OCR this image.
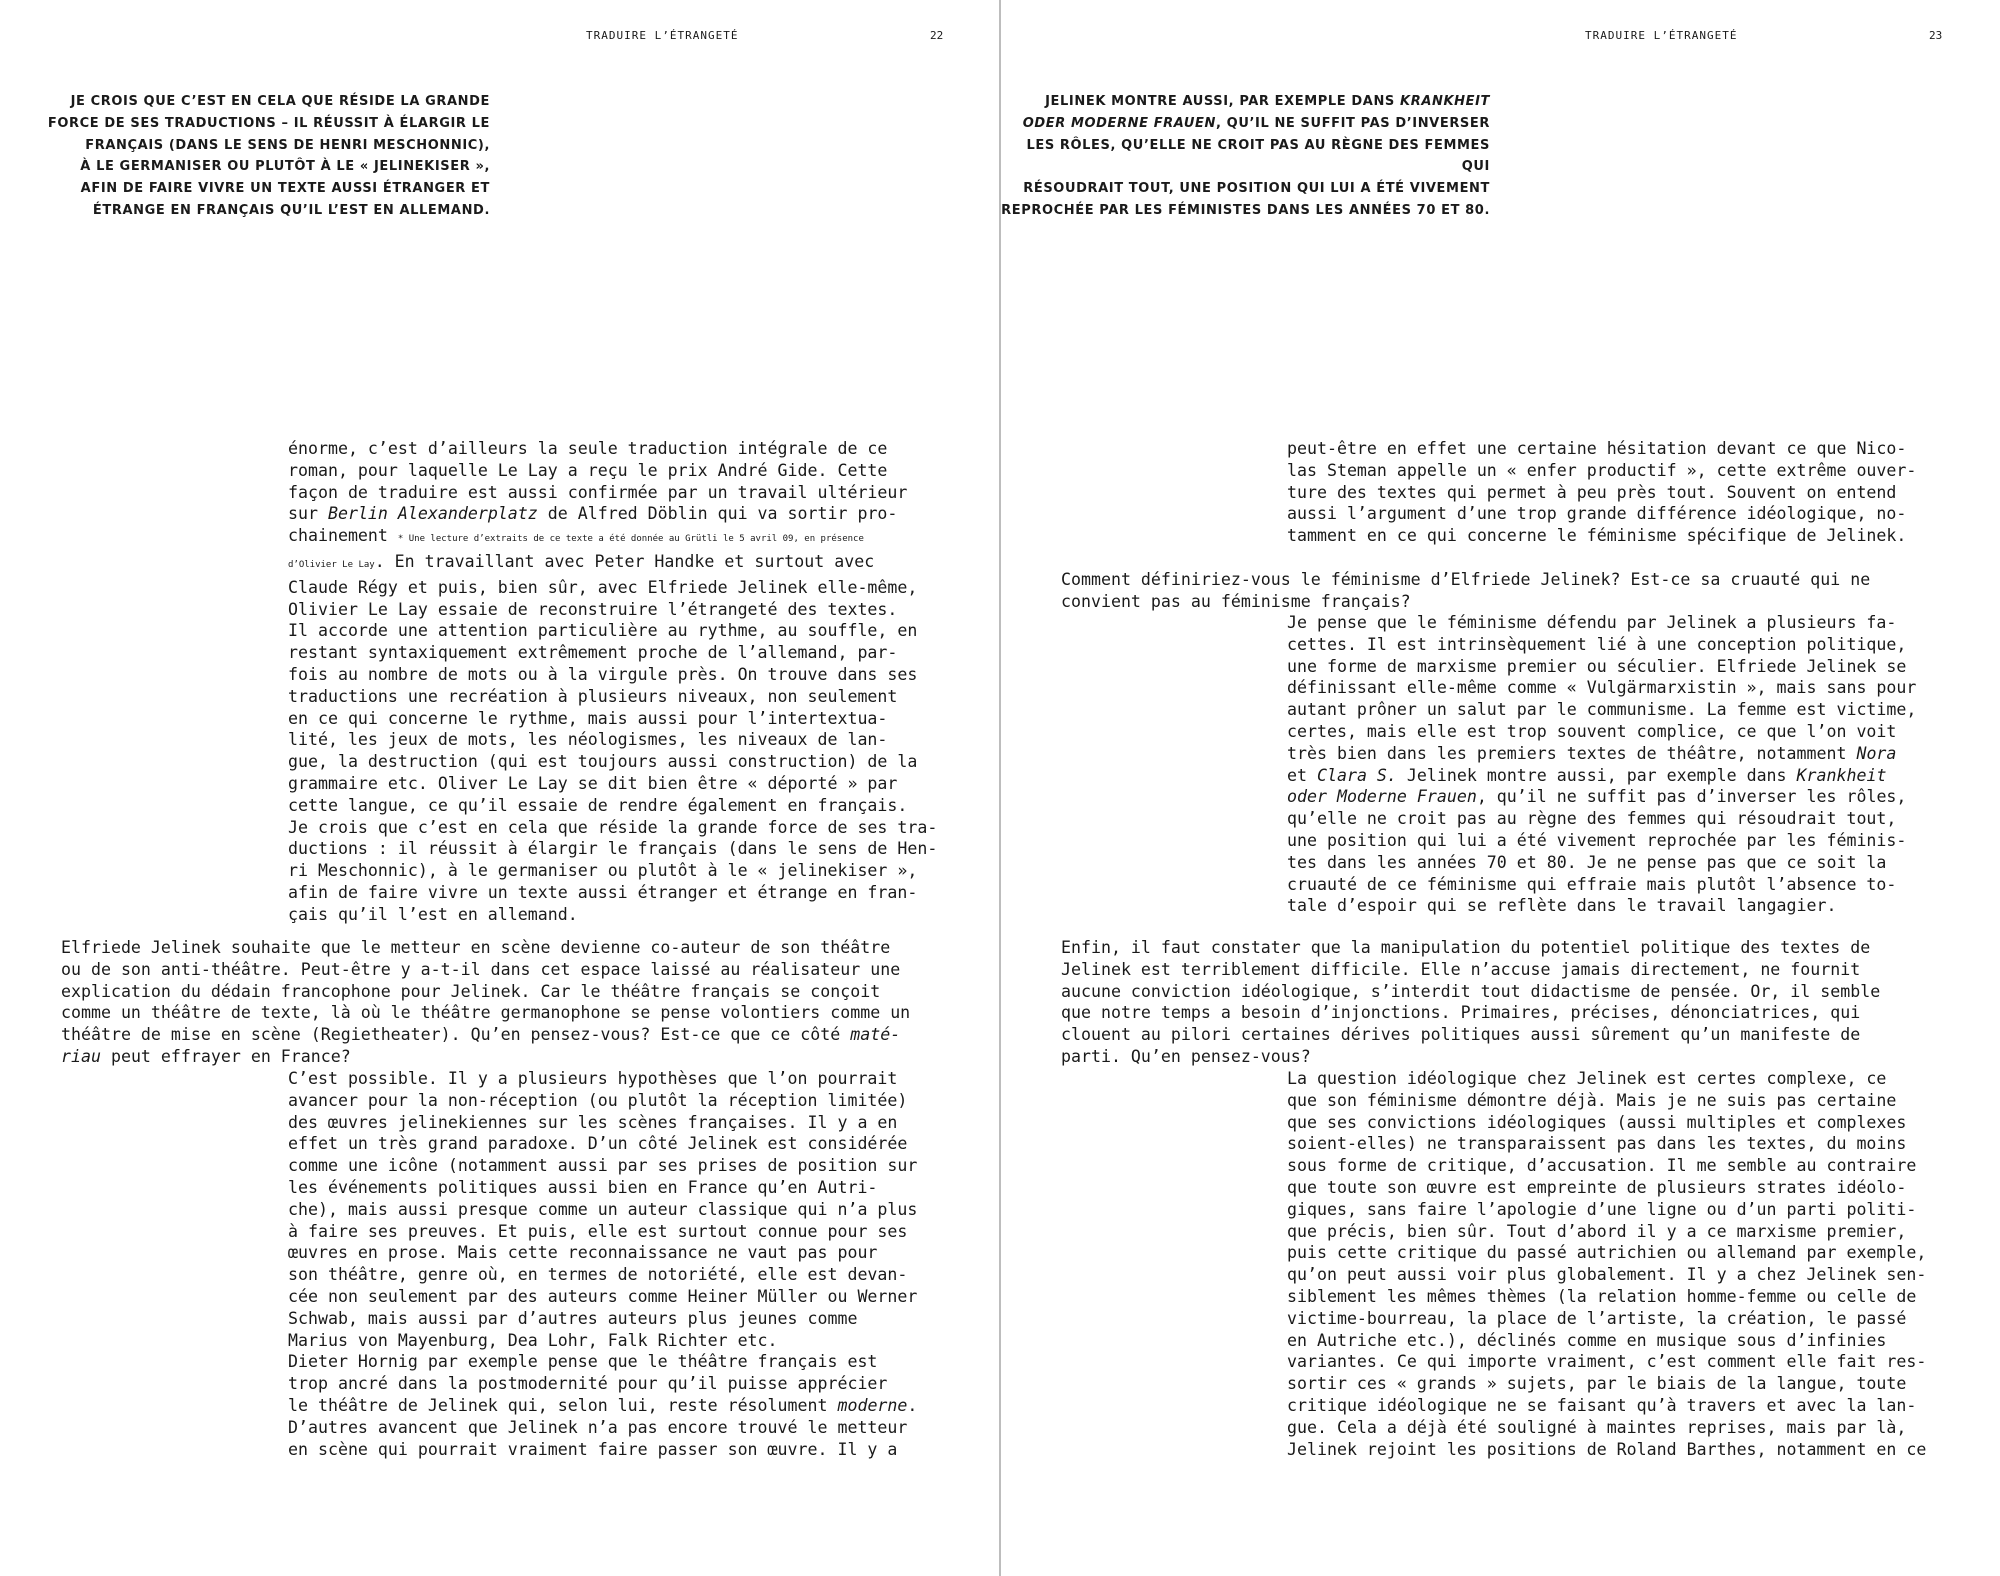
TRADUIRE L’ÉTRANGETÉ	22
JE CROIS QUE C’EST EN CELA QUE RÉSIDE LA GRANDE
FORCE DE SES TRADUCTIONS – IL RÉUSSIT À ÉLARGIR LE
FRANÇAIS (DANS LE SENS DE HENRI MESCHONNIC),
À LE GERMANISER OU PLUTÔT À LE « JELINEKISER »,
AFIN DE FAIRE VIVRE UN TEXTE AUSSI ÉTRANGER ET
ÉTRANGE EN FRANÇAIS QU’IL L’EST EN ALLEMAND.

énorme, c’est d’ailleurs la seule traduction intégrale de ce

roman, pour laquelle Le Lay a reçu le prix André Gide. Cette

façon de traduire est aussi confirmée par un travail ultérieur

sur Berlin Alexanderplatz de Alfred Döblin qui va sortir pro-

chainement * Une lecture d’extraits de ce texte a été donnée au Grütli le 5 avril 09, en présence

d’Olivier Le Lay. En travaillant avec Peter Handke et surtout avec

Claude Régy et puis, bien sûr, avec Elfriede Jelinek elle-même,

Olivier Le Lay essaie de reconstruire l’étrangeté des textes.

Il accorde une attention particulière au rythme, au souffle, en

restant syntaxiquement extrêmement proche de l’allemand, par-

fois au nombre de mots ou à la virgule près. On trouve dans ses

traductions une recréation à plusieurs niveaux, non seulement

en ce qui concerne le rythme, mais aussi pour l’intertextua-

lité, les jeux de mots, les néologismes, les niveaux de lan-

gue, la destruction (qui est toujours aussi construction) de la

grammaire etc. Oliver Le Lay se dit bien être « déporté » par

cette langue, ce qu’il essaie de rendre également en français.

Je crois que c’est en cela que réside la grande force de ses tra-

ductions : il réussit à élargir le français (dans le sens de Hen-

ri Meschonnic), à le germaniser ou plutôt à le « jelinekiser »,

afin de faire vivre un texte aussi étranger et étrange en fran-

çais qu’il l’est en allemand.

Elfriede Jelinek souhaite que le metteur en scène devienne co-auteur de son théâtre

ou de son anti-théâtre. Peut-être y a-t-il dans cet espace laissé au réalisateur une

explication du dédain francophone pour Jelinek. Car le théâtre français se conçoit

comme un théâtre de texte, là où le théâtre germanophone se pense volontiers comme un

théâtre de mise en scène (Regietheater). Qu’en pensez-vous? Est-ce que ce côté maté-

riau peut effrayer en France?

C’est possible. Il y a plusieurs hypothèses que l’on pourrait

avancer pour la non-réception (ou plutôt la réception limitée)

des œuvres jelinekiennes sur les scènes françaises. Il y a en

effet un très grand paradoxe. D’un côté Jelinek est considérée

comme une icône (notamment aussi par ses prises de position sur

les événements politiques aussi bien en France qu’en Autri-

che), mais aussi presque comme un auteur classique qui n’a plus

à faire ses preuves. Et puis, elle est surtout connue pour ses

œuvres en prose. Mais cette reconnaissance ne vaut pas pour

son théâtre, genre où, en termes de notoriété, elle est devan-

cée non seulement par des auteurs comme Heiner Müller ou Werner

Schwab, mais aussi par d’autres auteurs plus jeunes comme

Marius von Mayenburg, Dea Lohr, Falk Richter etc.

Dieter Hornig par exemple pense que le théâtre français est

trop ancré dans la postmodernité pour qu’il puisse apprécier

le théâtre de Jelinek qui, selon lui, reste résolument moderne.

D’autres avancent que Jelinek n’a pas encore trouvé le metteur

en scène qui pourrait vraiment faire passer son œuvre. Il y a

TRADUIRE L’ÉTRANGETÉ	23
JELINEK MONTRE AUSSI, PAR EXEMPLE DANS KRANKHEIT
ODER MODERNE FRAUEN, QU’IL NE SUFFIT PAS D’INVERSER
LES RÔLES, QU’ELLE NE CROIT PAS AU RÈGNE DES FEMMES QUI
RÉSOUDRAIT TOUT, UNE POSITION QUI LUI A ÉTÉ VIVEMENT
REPROCHÉE PAR LES FÉMINISTES DANS LES ANNÉES 70 ET 80.

peut-être en effet une certaine hésitation devant ce que Nico-

las Steman appelle un « enfer productif », cette extrême ouver-

ture des textes qui permet à peu près tout. Souvent on entend

aussi l’argument d’une trop grande différence idéologique, no-

tamment en ce qui concerne le féminisme spécifique de Jelinek.

Comment définiriez-vous le féminisme d’Elfriede Jelinek? Est-ce sa cruauté qui ne

convient pas au féminisme français?

Je pense que le féminisme défendu par Jelinek a plusieurs fa-

cettes. Il est intrinsèquement lié à une conception politique,

une forme de marxisme premier ou séculier. Elfriede Jelinek se

définissant elle-même comme « Vulgärmarxistin », mais sans pour

autant prôner un salut par le communisme. La femme est victime,

certes, mais elle est trop souvent complice, ce que l’on voit

très bien dans les premiers textes de théâtre, notamment Nora

et Clara S. Jelinek montre aussi, par exemple dans Krankheit

oder Moderne Frauen, qu’il ne suffit pas d’inverser les rôles,

qu’elle ne croit pas au règne des femmes qui résoudrait tout,

une position qui lui a été vivement reprochée par les féminis-

tes dans les années 70 et 80. Je ne pense pas que ce soit la

cruauté de ce féminisme qui effraie mais plutôt l’absence to-

tale d’espoir qui se reflète dans le travail langagier.

Enfin, il faut constater que la manipulation du potentiel politique des textes de

Jelinek est terriblement difficile. Elle n’accuse jamais directement, ne fournit

aucune conviction idéologique, s’interdit tout didactisme de pensée. Or, il semble

que notre temps a besoin d’injonctions. Primaires, précises, dénonciatrices, qui

clouent au pilori certaines dérives politiques aussi sûrement qu’un manifeste de

parti. Qu’en pensez-vous?

La question idéologique chez Jelinek est certes complexe, ce

que son féminisme démontre déjà. Mais je ne suis pas certaine

que ses convictions idéologiques (aussi multiples et complexes

soient-elles) ne transparaissent pas dans les textes, du moins

sous forme de critique, d’accusation. Il me semble au contraire

que toute son œuvre est empreinte de plusieurs strates idéolo-

giques, sans faire l’apologie d’une ligne ou d’un parti politi-

que précis, bien sûr. Tout d’abord il y a ce marxisme premier,

puis cette critique du passé autrichien ou allemand par exemple,

qu’on peut aussi voir plus globalement. Il y a chez Jelinek sen-

siblement les mêmes thèmes (la relation homme-femme ou celle de

victime-bourreau, la place de l’artiste, la création, le passé

en Autriche etc.), déclinés comme en musique sous d’infinies

variantes. Ce qui importe vraiment, c’est comment elle fait res-

sortir ces « grands » sujets, par le biais de la langue, toute

critique idéologique ne se faisant qu’à travers et avec la lan-

gue. Cela a déjà été souligné à maintes reprises, mais par là,

Jelinek rejoint les positions de Roland Barthes, notamment en ce
